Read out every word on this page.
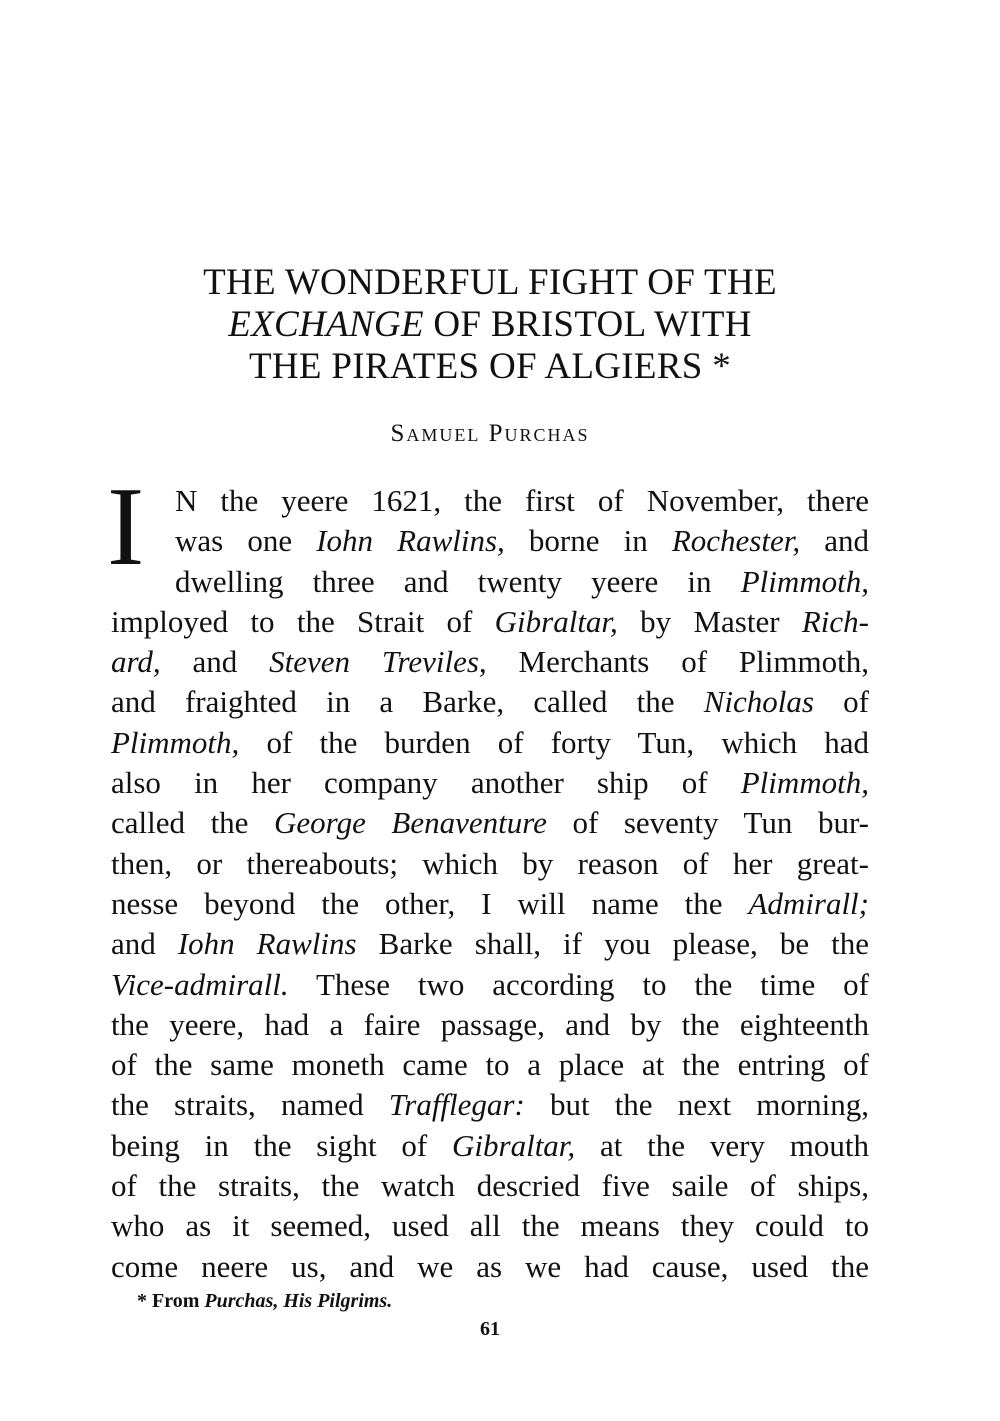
THE WONDERFUL FIGHT OF THE
EXCHANGE OF BRISTOL WITH
THE PIRATES OF ALGIERS *
Samuel Purchas
I N the yeere 1621, the first of November, there
was one Iohn Rawlins, borne in Rochester, and
dwelling three and twenty yeere in Plimmoth,
imployed to the Strait of Gibraltar, by Master Rich-
ard, and Steven Treviles, Merchants of Plimmoth,
and fraighted in a Barke, called the Nicholas of
Plimmoth, of the burden of forty Tun, which had
also in her company another ship of Plimmoth,
called the George Benaventure of seventy Tun bur-
then, or thereabouts; which by reason of her great-
nesse beyond the other, I will name the Admirall;
and Iohn Rawlins Barke shall, if you please, be the
Vice-admirall. These two according to the time of
the yeere, had a faire passage, and by the eighteenth
of the same moneth came to a place at the entring of
the straits, named Trafflegar: but the next morning,
being in the sight of Gibraltar, at the very mouth
of the straits, the watch descried five saile of ships,
who as it seemed, used all the means they could to
come neere us, and we as we had cause, used the
* From Purchas, His Pilgrims.
61
